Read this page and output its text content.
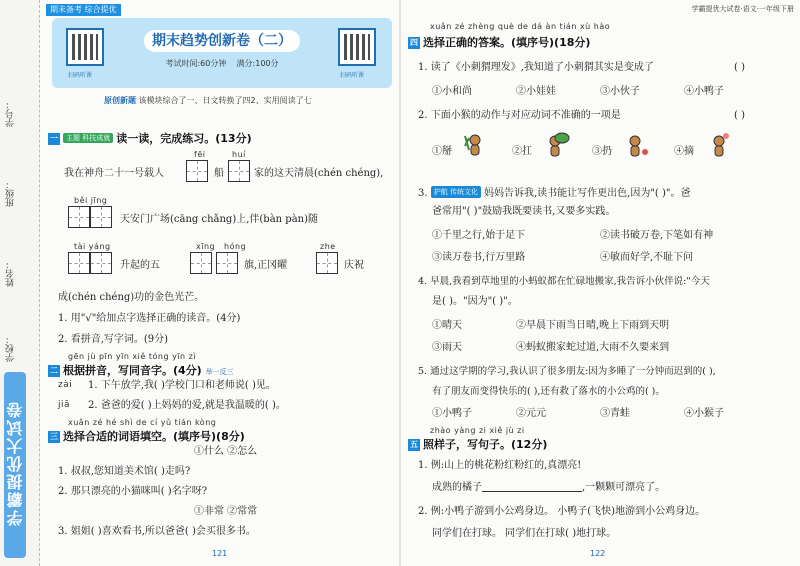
学号：
班级：
姓名：
学校：
学霸提优大试卷
期末备考 综合提优
扫码听课
期末趋势创新卷（二）
考试时间:60分钟 满分:100分
扫码听课
原创新题 该模块综合了一、日文转换了四2、实用阅读了七
一 主题 科技成就 读一读，完成练习。(13分)
fēi	huí
我在神舟二十一号载人	船	家的这天清晨(chén chéng),
běi jīng
天安门广场(cāng chǎng)上,伴(bàn pàn)随
tài yáng
升起的五
xīng hóng
旗,正冈曜
zhe
庆祝
成(chén chéng)功的金色光芒。
1. 用"√"给加点字选择正确的读音。(4分)
2. 看拼音,写字词。(9分)
gēn jù pīn yīn xiě tóng yīn zì
二 根据拼音，写同音字。(4分) 举一反三
zài 1. 下午放学,我( )学校门口和老师说( )见。
jiā 2. 爸爸的爱( )上妈妈的爱,就是我温暖的( )。
xuǎn zé hé shì de cí yǔ tián kòng
三 选择合适的词语填空。(填序号)(8分)
①什么 ②怎么
1. 叔叔,您知道美术馆( )走吗?
2. 那只漂亮的小猫咪叫( )名字呀?
①非常 ②常常
3. 姐姐( )喜欢看书,所以爸爸( )会买很多书。
121
学霸提优大试卷·语文·一年级下册
xuǎn zé zhèng què de dá àn tián xù hào
四 选择正确的答案。(填序号)(18分)
1. 读了《小刺猬理发》,我知道了小刺猬其实是变成了	( )
①小和尚	②小娃娃	③小伙子	④小鸭子
2. 下面小猴的动作与对应动词不准确的一项是	( )
①掰	②扛	③扔	④摘
3. 护航 传统文化 妈妈告诉我,读书能让写作更出色,因为"( )"。爸
爸常用"( )"鼓励我既要读书,又要多实践。
①千里之行,始于足下	②读书破万卷,下笔如有神
③读万卷书,行万里路	④敏而好学,不耻下问
4. 早晨,我看到草地里的小蚂蚁都在忙碌地搬家,我告诉小伙伴说:"今天
是( )。"因为"( )"。
①晴天	②早晨下雨当日晴,晚上下雨到天明
③雨天	④蚂蚁搬家蛇过道,大雨不久要来到
5. 通过这学期的学习,我认识了很多朋友:因为多睡了一分钟而迟到的( ),
有了朋友而变得快乐的( ),还有救了落水的小公鸡的( )。
①小鸭子	②元元	③青蛙	④小猴子
zhào yàng zi xiě jù zi
五 照样子，写句子。(12分)
1. 例:山上的桃花粉红粉红的,真漂亮!
成熟的橘子	,一颗颗可漂亮了。
2. 例:小鸭子游到小公鸡身边。 小鸭子(飞快)地游到小公鸡身边。
同学们在打球。 同学们在打球( )地打球。
122
